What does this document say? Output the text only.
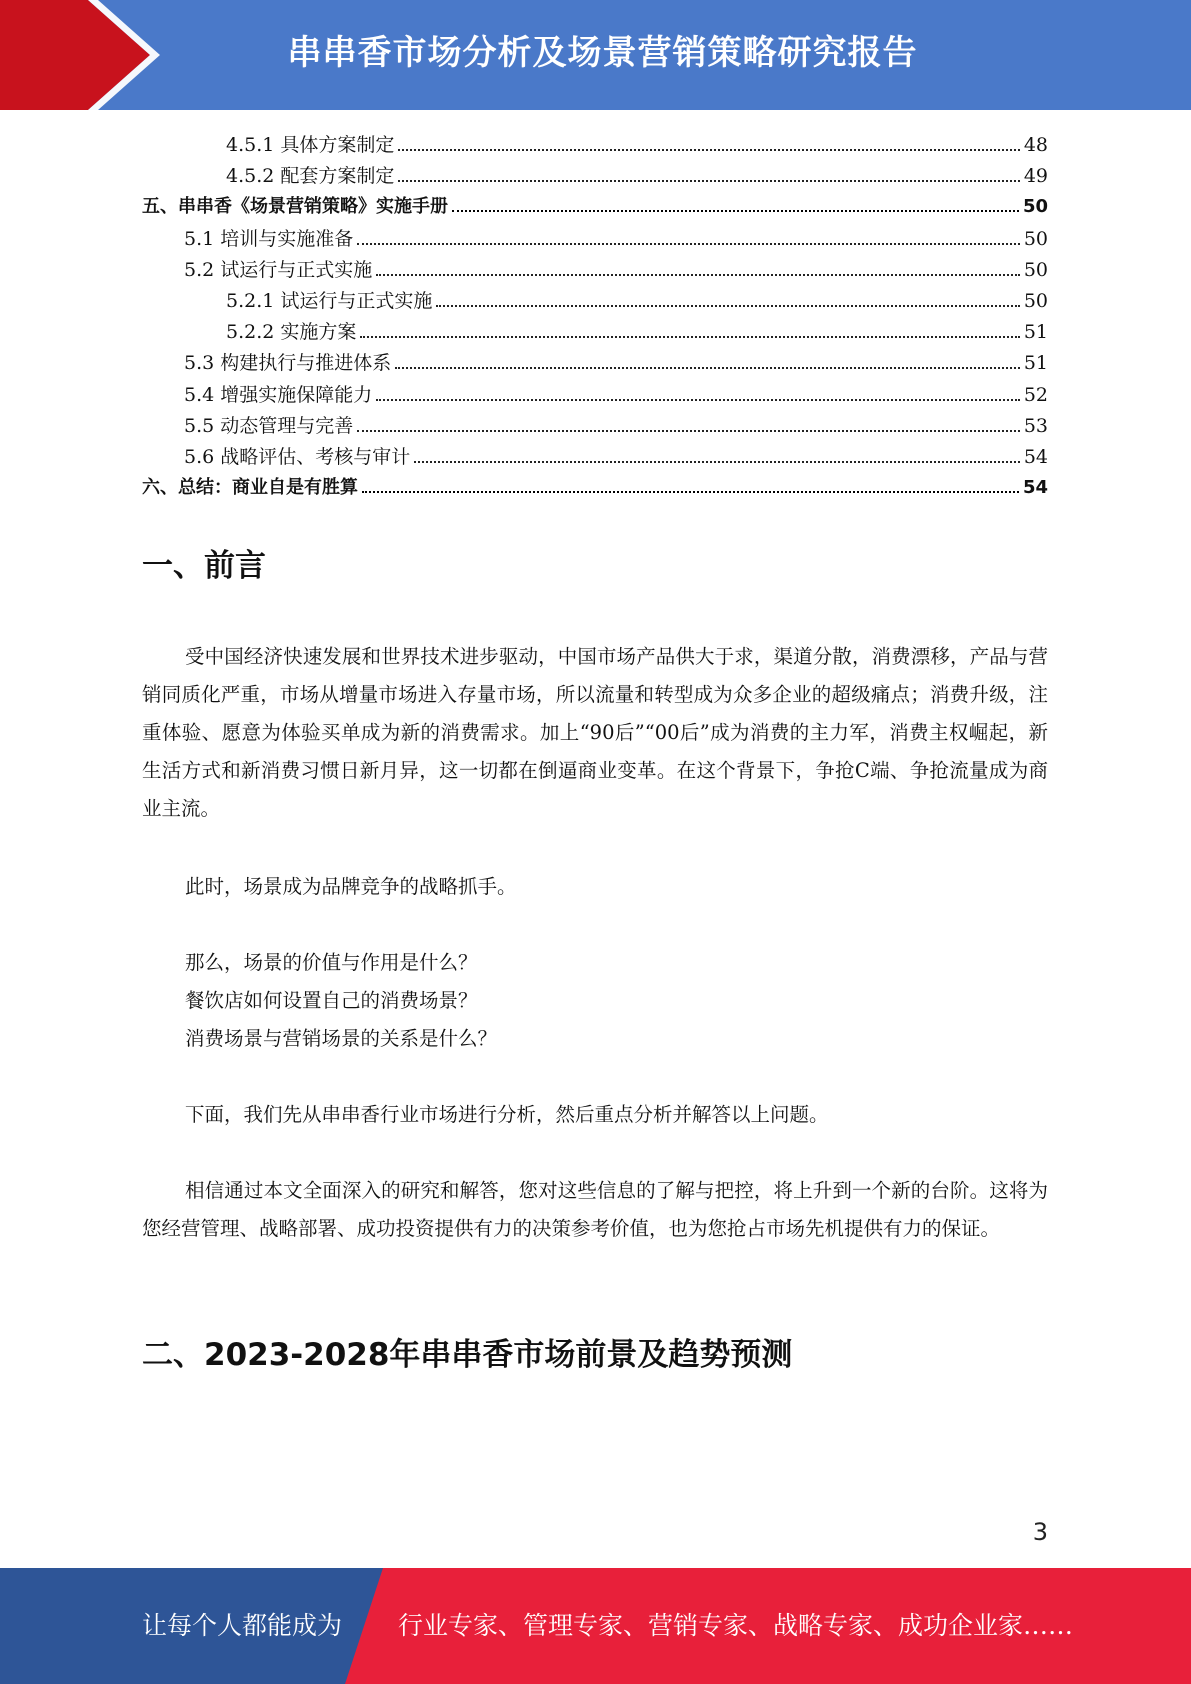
串串香市场分析及场景营销策略研究报告
4.5.1 具体方案制定	48
4.5.2 配套方案制定	49
五、串串香《场景营销策略》实施手册	50
5.1 培训与实施准备	50
5.2 试运行与正式实施	50
5.2.1 试运行与正式实施	50
5.2.2 实施方案	51
5.3 构建执行与推进体系	51
5.4 增强实施保障能力	52
5.5 动态管理与完善	53
5.6 战略评估、考核与审计	54
六、总结：商业自是有胜算	54
一、前言

受中国经济快速发展和世界技术进步驱动，中国市场产品供大于求，渠道分散，消费漂移，产品与营销同质化严重，市场从增量市场进入存量市场，所以流量和转型成为众多企业的超级痛点；消费升级，注重体验、愿意为体验买单成为新的消费需求。加上“90后”“00后”成为消费的主力军，消费主权崛起，新生活方式和新消费习惯日新月异，这一切都在倒逼商业变革。在这个背景下，争抢C端、争抢流量成为商业主流。

此时，场景成为品牌竞争的战略抓手。

那么，场景的价值与作用是什么？

餐饮店如何设置自己的消费场景？

消费场景与营销场景的关系是什么？

下面，我们先从串串香行业市场进行分析，然后重点分析并解答以上问题。

相信通过本文全面深入的研究和解答，您对这些信息的了解与把控，将上升到一个新的台阶。这将为您经营管理、战略部署、成功投资提供有力的决策参考价值，也为您抢占市场先机提供有力的保证。

二、2023-2028年串串香市场前景及趋势预测
3
让每个人都能成为 行业专家、管理专家、营销专家、战略专家、成功企业家……
